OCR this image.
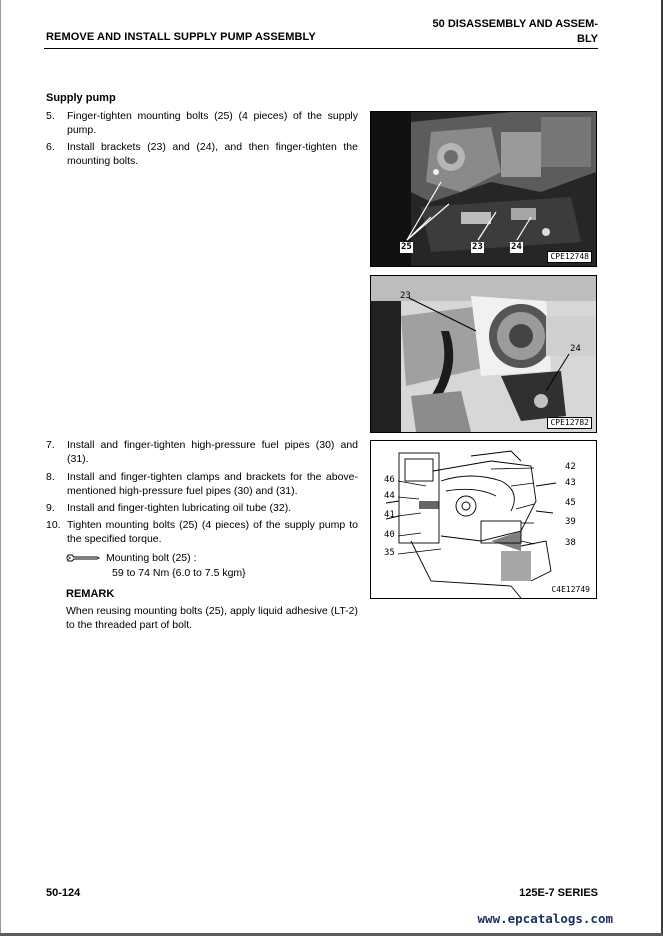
REMOVE AND INSTALL SUPPLY PUMP ASSEMBLY
50 DISASSEMBLY AND ASSEM-
BLY
Supply pump
5. Finger-tighten mounting bolts (25) (4 pieces) of the supply pump.
6. Install brackets (23) and (24), and then finger-tighten the mounting bolts.
7. Install and finger-tighten high-pressure fuel pipes (30) and (31).
8. Install and finger-tighten clamps and brackets for the above-mentioned high-pressure fuel pipes (30) and (31).
9. Install and finger-tighten lubricating oil tube (32).
10. Tighten mounting bolts (25) (4 pieces) of the supply pump to the specified torque.
Mounting bolt (25) :
59 to 74 Nm {6.0 to 7.5 kgm}
REMARK
When reusing mounting bolts (25), apply liquid adhesive (LT-2) to the threaded part of bolt.
25	23	24
CPE12748
23
24
CPE12782
42
43
45
39
38
46
44
41
40
35
C4E12749
50-124	125E-7 SERIES
www.epcatalogs.com
